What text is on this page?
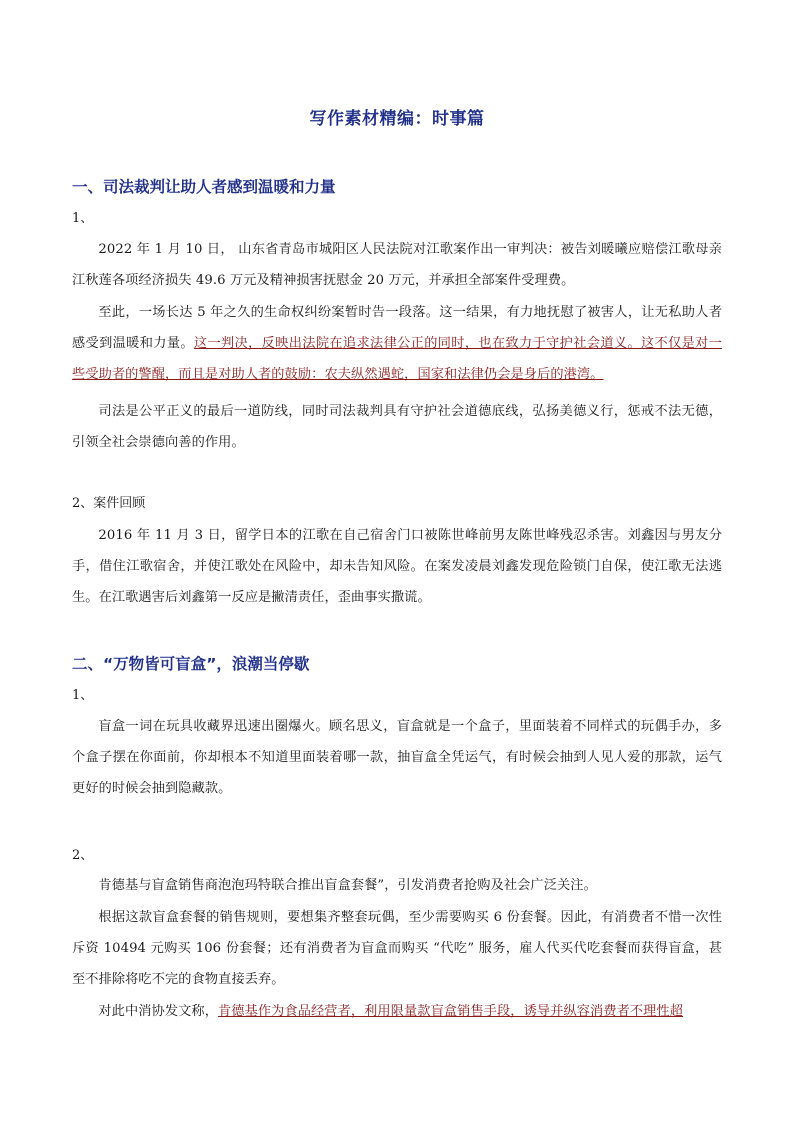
写作素材精编：时事篇
一、司法裁判让助人者感到温暖和力量
1、
2022 年 1 月 10 日， 山东省青岛市城阳区人民法院对江歌案作出一审判决：被告刘暖曦应赔偿江歌母亲江秋莲各项经济损失 49.6 万元及精神损害抚慰金 20 万元，并承担全部案件受理费。
至此，一场长达 5 年之久的生命权纠纷案暂时告一段落。这一结果，有力地抚慰了被害人，让无私助人者感受到温暖和力量。这一判决，反映出法院在追求法律公正的同时，也在致力于守护社会道义。这不仅是对一些受助者的警醒，而且是对助人者的鼓励：农夫纵然遇蛇，国家和法律仍会是身后的港湾。
司法是公平正义的最后一道防线，同时司法裁判具有守护社会道德底线，弘扬美德义行，惩戒不法无德，引领全社会崇德向善的作用。
2、案件回顾
2016 年 11 月 3 日，留学日本的江歌在自己宿舍门口被陈世峰前男友陈世峰残忍杀害。刘鑫因与男友分手，借住江歌宿舍，并使江歌处在风险中，却未告知风险。在案发凌晨刘鑫发现危险锁门自保，使江歌无法逃生。在江歌遇害后刘鑫第一反应是撇清责任，歪曲事实撒谎。
二、“万物皆可盲盒”，浪潮当停歇
1、
盲盒一词在玩具收藏界迅速出圈爆火。顾名思义，盲盒就是一个盒子，里面装着不同样式的玩偶手办，多个盒子摆在你面前，你却根本不知道里面装着哪一款，抽盲盒全凭运气，有时候会抽到人见人爱的那款，运气更好的时候会抽到隐藏款。
2、
肯德基与盲盒销售商泡泡玛特联合推出盲盒套餐”，引发消费者抢购及社会广泛关注。
根据这款盲盒套餐的销售规则，要想集齐整套玩偶，至少需要购买 6 份套餐。因此，有消费者不惜一次性斥资 10494 元购买 106 份套餐；还有消费者为盲盒而购买 “代吃” 服务，雇人代买代吃套餐而获得盲盒，甚至不排除将吃不完的食物直接丢弃。
对此中消协发文称，肯德基作为食品经营者，利用限量款盲盒销售手段，诱导并纵容消费者不理性超
